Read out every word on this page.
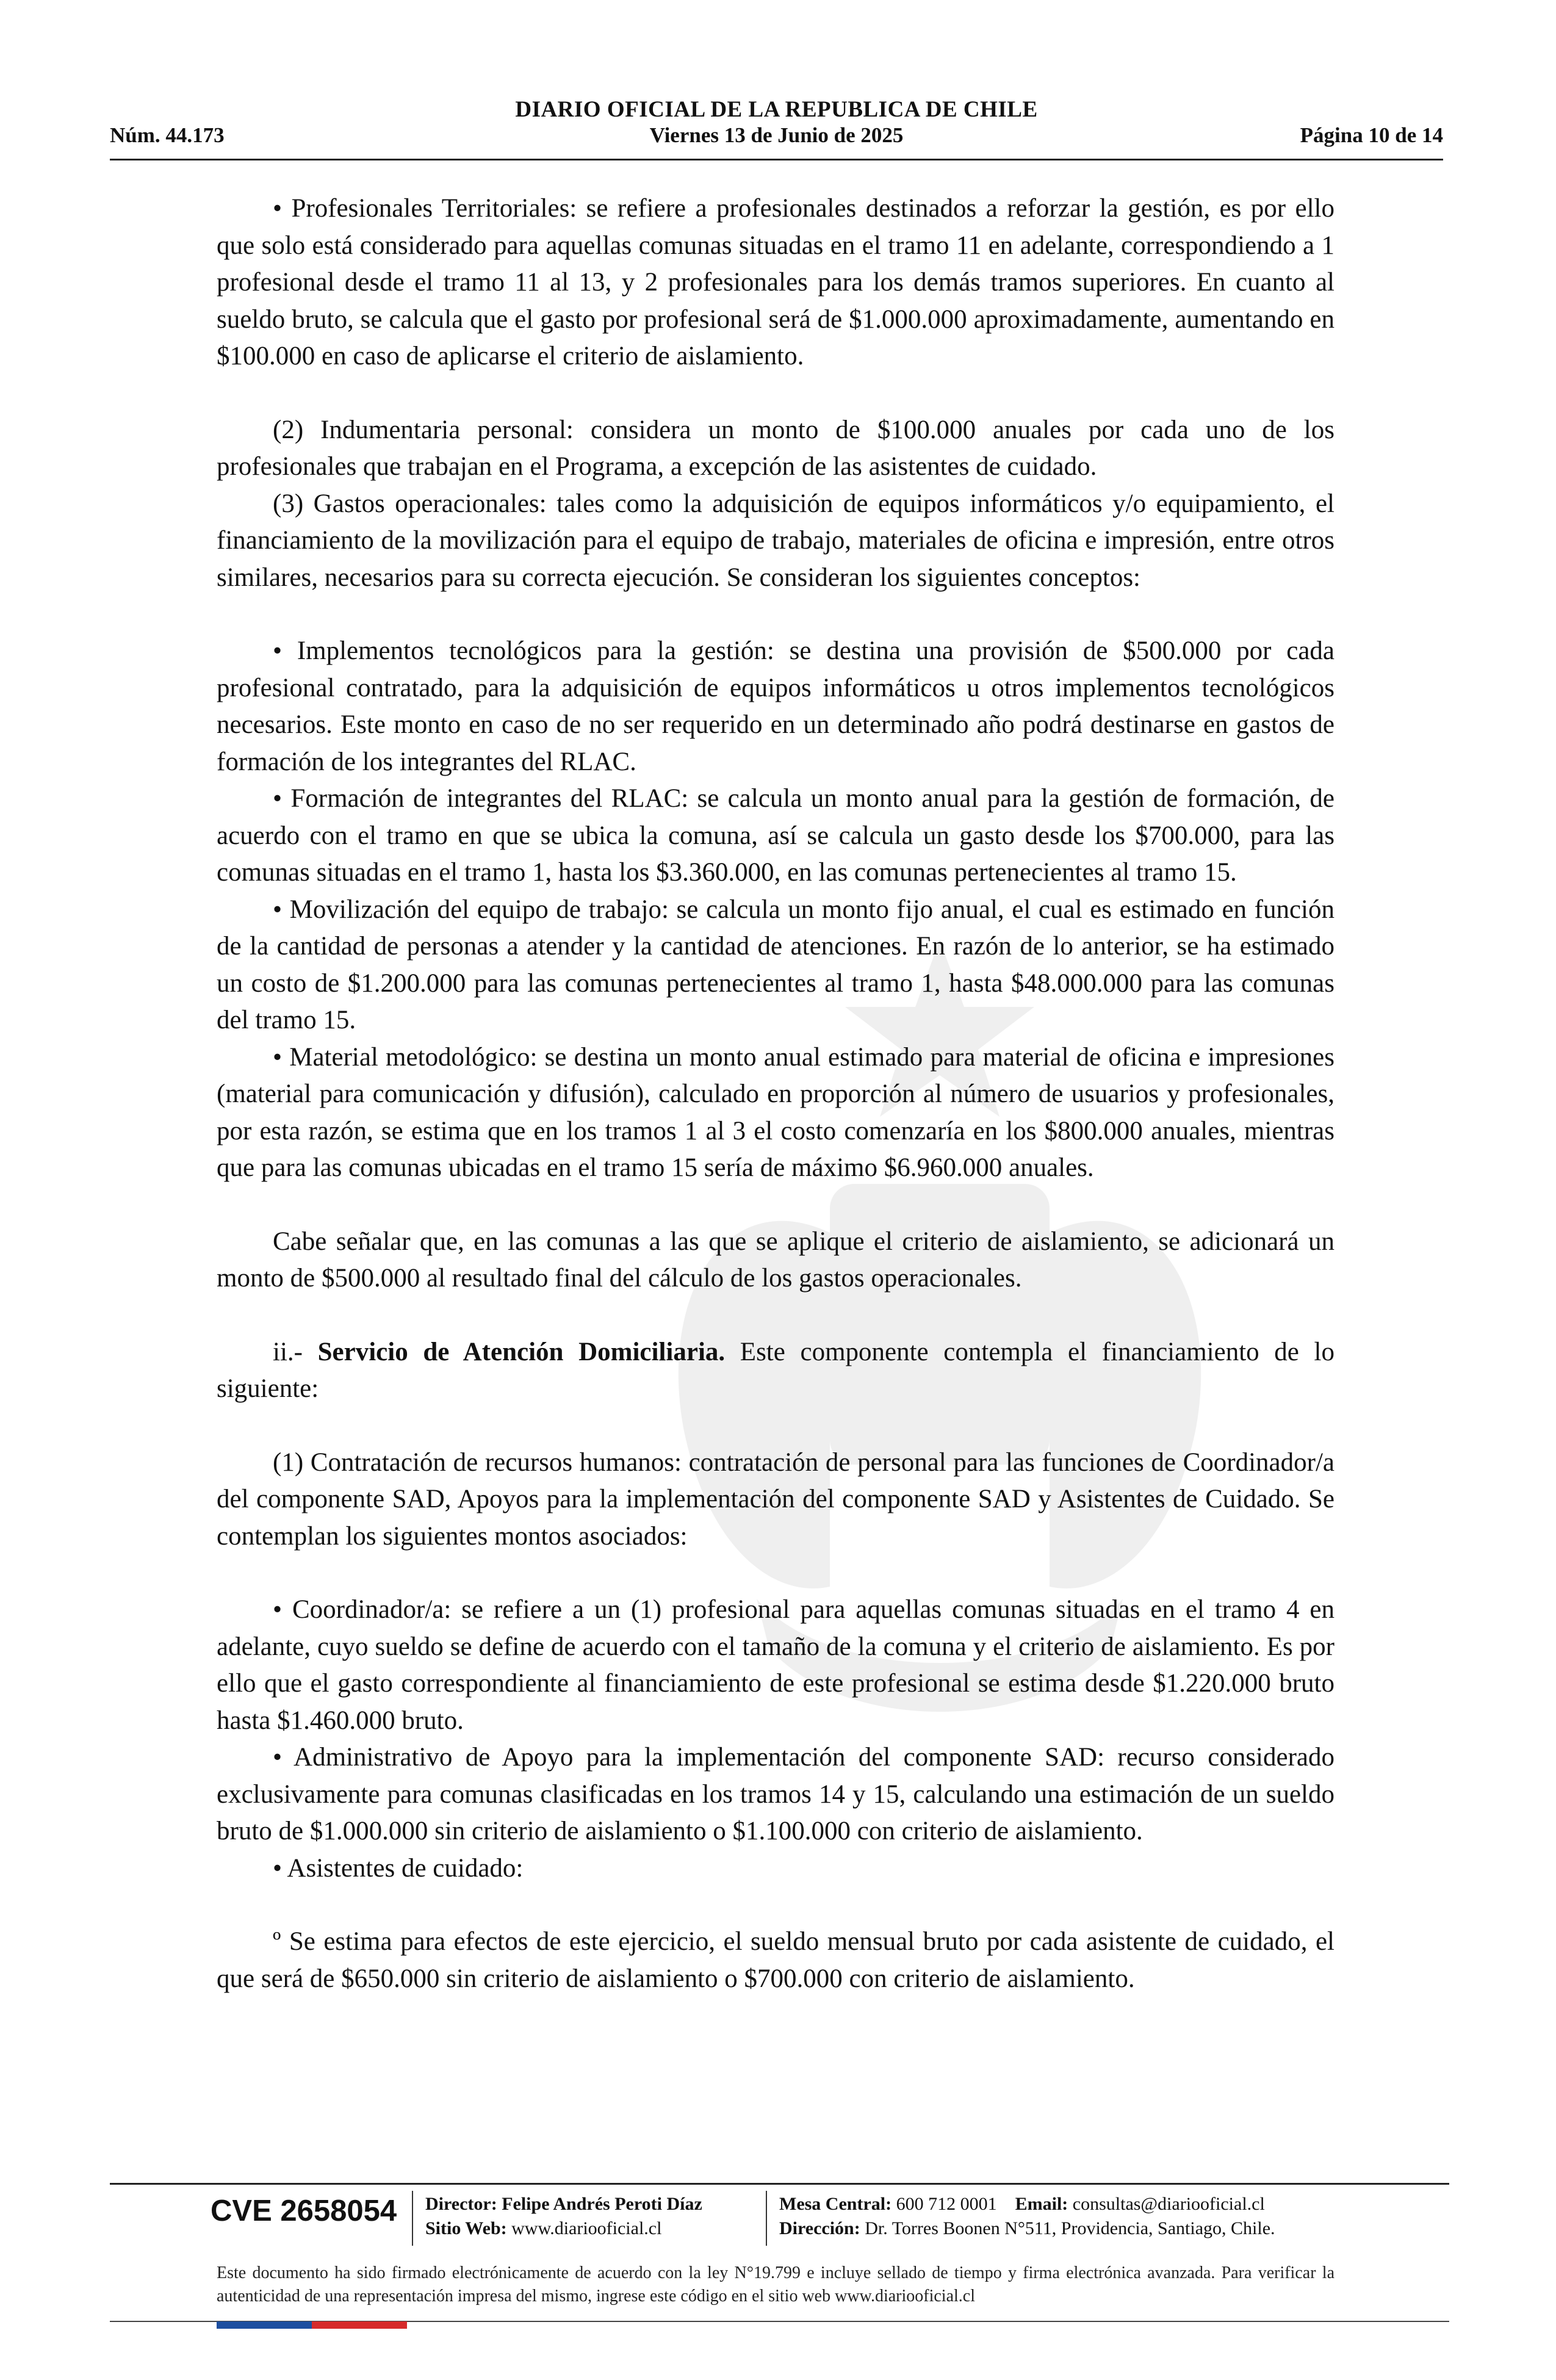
DIARIO OFICIAL DE LA REPUBLICA DE CHILE
Núm. 44.173	Viernes 13 de Junio de 2025	Página 10 de 14

• Profesionales Territoriales: se refiere a profesionales destinados a reforzar la gestión, es por ello que solo está considerado para aquellas comunas situadas en el tramo 11 en adelante, correspondiendo a 1 profesional desde el tramo 11 al 13, y 2 profesionales para los demás tramos superiores. En cuanto al sueldo bruto, se calcula que el gasto por profesional será de $1.000.000 aproximadamente, aumentando en $100.000 en caso de aplicarse el criterio de aislamiento.

(2) Indumentaria personal: considera un monto de $100.000 anuales por cada uno de los profesionales que trabajan en el Programa, a excepción de las asistentes de cuidado.

(3) Gastos operacionales: tales como la adquisición de equipos informáticos y/o equipamiento, el financiamiento de la movilización para el equipo de trabajo, materiales de oficina e impresión, entre otros similares, necesarios para su correcta ejecución. Se consideran los siguientes conceptos:

• Implementos tecnológicos para la gestión: se destina una provisión de $500.000 por cada profesional contratado, para la adquisición de equipos informáticos u otros implementos tecnológicos necesarios. Este monto en caso de no ser requerido en un determinado año podrá destinarse en gastos de formación de los integrantes del RLAC.

• Formación de integrantes del RLAC: se calcula un monto anual para la gestión de formación, de acuerdo con el tramo en que se ubica la comuna, así se calcula un gasto desde los $700.000, para las comunas situadas en el tramo 1, hasta los $3.360.000, en las comunas pertenecientes al tramo 15.

• Movilización del equipo de trabajo: se calcula un monto fijo anual, el cual es estimado en función de la cantidad de personas a atender y la cantidad de atenciones. En razón de lo anterior, se ha estimado un costo de $1.200.000 para las comunas pertenecientes al tramo 1, hasta $48.000.000 para las comunas del tramo 15.

• Material metodológico: se destina un monto anual estimado para material de oficina e impresiones (material para comunicación y difusión), calculado en proporción al número de usuarios y profesionales, por esta razón, se estima que en los tramos 1 al 3 el costo comenzaría en los $800.000 anuales, mientras que para las comunas ubicadas en el tramo 15 sería de máximo $6.960.000 anuales.

Cabe señalar que, en las comunas a las que se aplique el criterio de aislamiento, se adicionará un monto de $500.000 al resultado final del cálculo de los gastos operacionales.

ii.- Servicio de Atención Domiciliaria. Este componente contempla el financiamiento de lo siguiente:

(1) Contratación de recursos humanos: contratación de personal para las funciones de Coordinador/a del componente SAD, Apoyos para la implementación del componente SAD y Asistentes de Cuidado. Se contemplan los siguientes montos asociados:

• Coordinador/a: se refiere a un (1) profesional para aquellas comunas situadas en el tramo 4 en adelante, cuyo sueldo se define de acuerdo con el tamaño de la comuna y el criterio de aislamiento. Es por ello que el gasto correspondiente al financiamiento de este profesional se estima desde $1.220.000 bruto hasta $1.460.000 bruto.

• Administrativo de Apoyo para la implementación del componente SAD: recurso considerado exclusivamente para comunas clasificadas en los tramos 14 y 15, calculando una estimación de un sueldo bruto de $1.000.000 sin criterio de aislamiento o $1.100.000 con criterio de aislamiento.

• Asistentes de cuidado:

º Se estima para efectos de este ejercicio, el sueldo mensual bruto por cada asistente de cuidado, el que será de $650.000 sin criterio de aislamiento o $700.000 con criterio de aislamiento.

CVE 2658054 Director: Felipe Andrés Peroti Díaz
Sitio Web: www.diariooficial.cl
Mesa Central: 600 712 0001 Email: consultas@diariooficial.cl
Dirección: Dr. Torres Boonen N°511, Providencia, Santiago, Chile.
Este documento ha sido firmado electrónicamente de acuerdo con la ley N°19.799 e incluye sellado de tiempo y firma electrónica avanzada. Para verificar la autenticidad de una representación impresa del mismo, ingrese este código en el sitio web www.diariooficial.cl
